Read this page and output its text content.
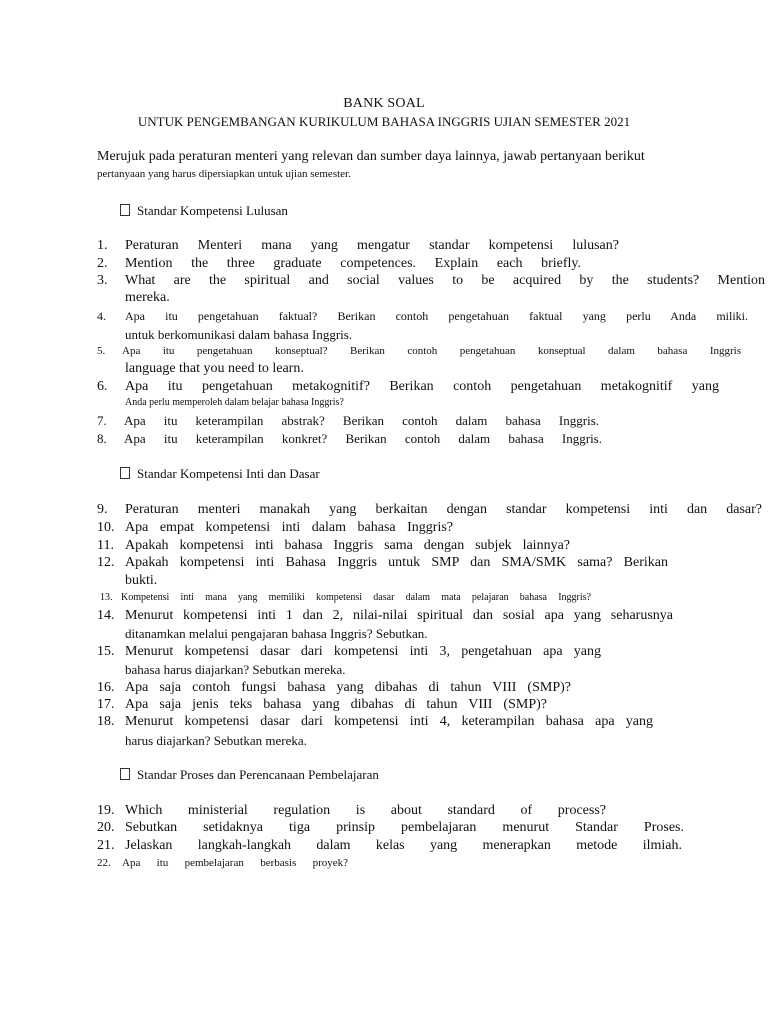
BANK SOAL
UNTUK PENGEMBANGAN KURIKULUM BAHASA INGGRIS UJIAN SEMESTER 2021
Merujuk pada peraturan menteri yang relevan dan sumber daya lainnya, jawab pertanyaan berikut
pertanyaan yang harus dipersiapkan untuk ujian semester.
Standar Kompetensi Lulusan
1. Peraturan Menteri mana yang mengatur standar kompetensi lulusan?
2. Mention the three graduate competences. Explain each briefly.
3. What are the spiritual and social values to be acquired by the students? Mention
mereka.
4. Apa itu pengetahuan faktual? Berikan contoh pengetahuan faktual yang perlu Anda miliki.
untuk berkomunikasi dalam bahasa Inggris.
5. Apa itu pengetahuan konseptual? Berikan contoh pengetahuan konseptual dalam bahasa Inggris
language that you need to learn.
6. Apa itu pengetahuan metakognitif? Berikan contoh pengetahuan metakognitif yang
Anda perlu memperoleh dalam belajar bahasa Inggris?
7. Apa itu keterampilan abstrak? Berikan contoh dalam bahasa Inggris.
8. Apa itu keterampilan konkret? Berikan contoh dalam bahasa Inggris.
Standar Kompetensi Inti dan Dasar
9. Peraturan menteri manakah yang berkaitan dengan standar kompetensi inti dan dasar?
10. Apa empat kompetensi inti dalam bahasa Inggris?
11. Apakah kompetensi inti bahasa Inggris sama dengan subjek lainnya?
12. Apakah kompetensi inti Bahasa Inggris untuk SMP dan SMA/SMK sama? Berikan
bukti.
13. Kompetensi inti mana yang memiliki kompetensi dasar dalam mata pelajaran bahasa Inggris?
14. Menurut kompetensi inti 1 dan 2, nilai-nilai spiritual dan sosial apa yang seharusnya
ditanamkan melalui pengajaran bahasa Inggris? Sebutkan.
15. Menurut kompetensi dasar dari kompetensi inti 3, pengetahuan apa yang
bahasa harus diajarkan? Sebutkan mereka.
16. Apa saja contoh fungsi bahasa yang dibahas di tahun VIII (SMP)?
17. Apa saja jenis teks bahasa yang dibahas di tahun VIII (SMP)?
18. Menurut kompetensi dasar dari kompetensi inti 4, keterampilan bahasa apa yang
harus diajarkan? Sebutkan mereka.
Standar Proses dan Perencanaan Pembelajaran
19. Which ministerial regulation is about standard of process?
20. Sebutkan setidaknya tiga prinsip pembelajaran menurut Standar Proses.
21. Jelaskan langkah-langkah dalam kelas yang menerapkan metode ilmiah.
22. Apa itu pembelajaran berbasis proyek?
